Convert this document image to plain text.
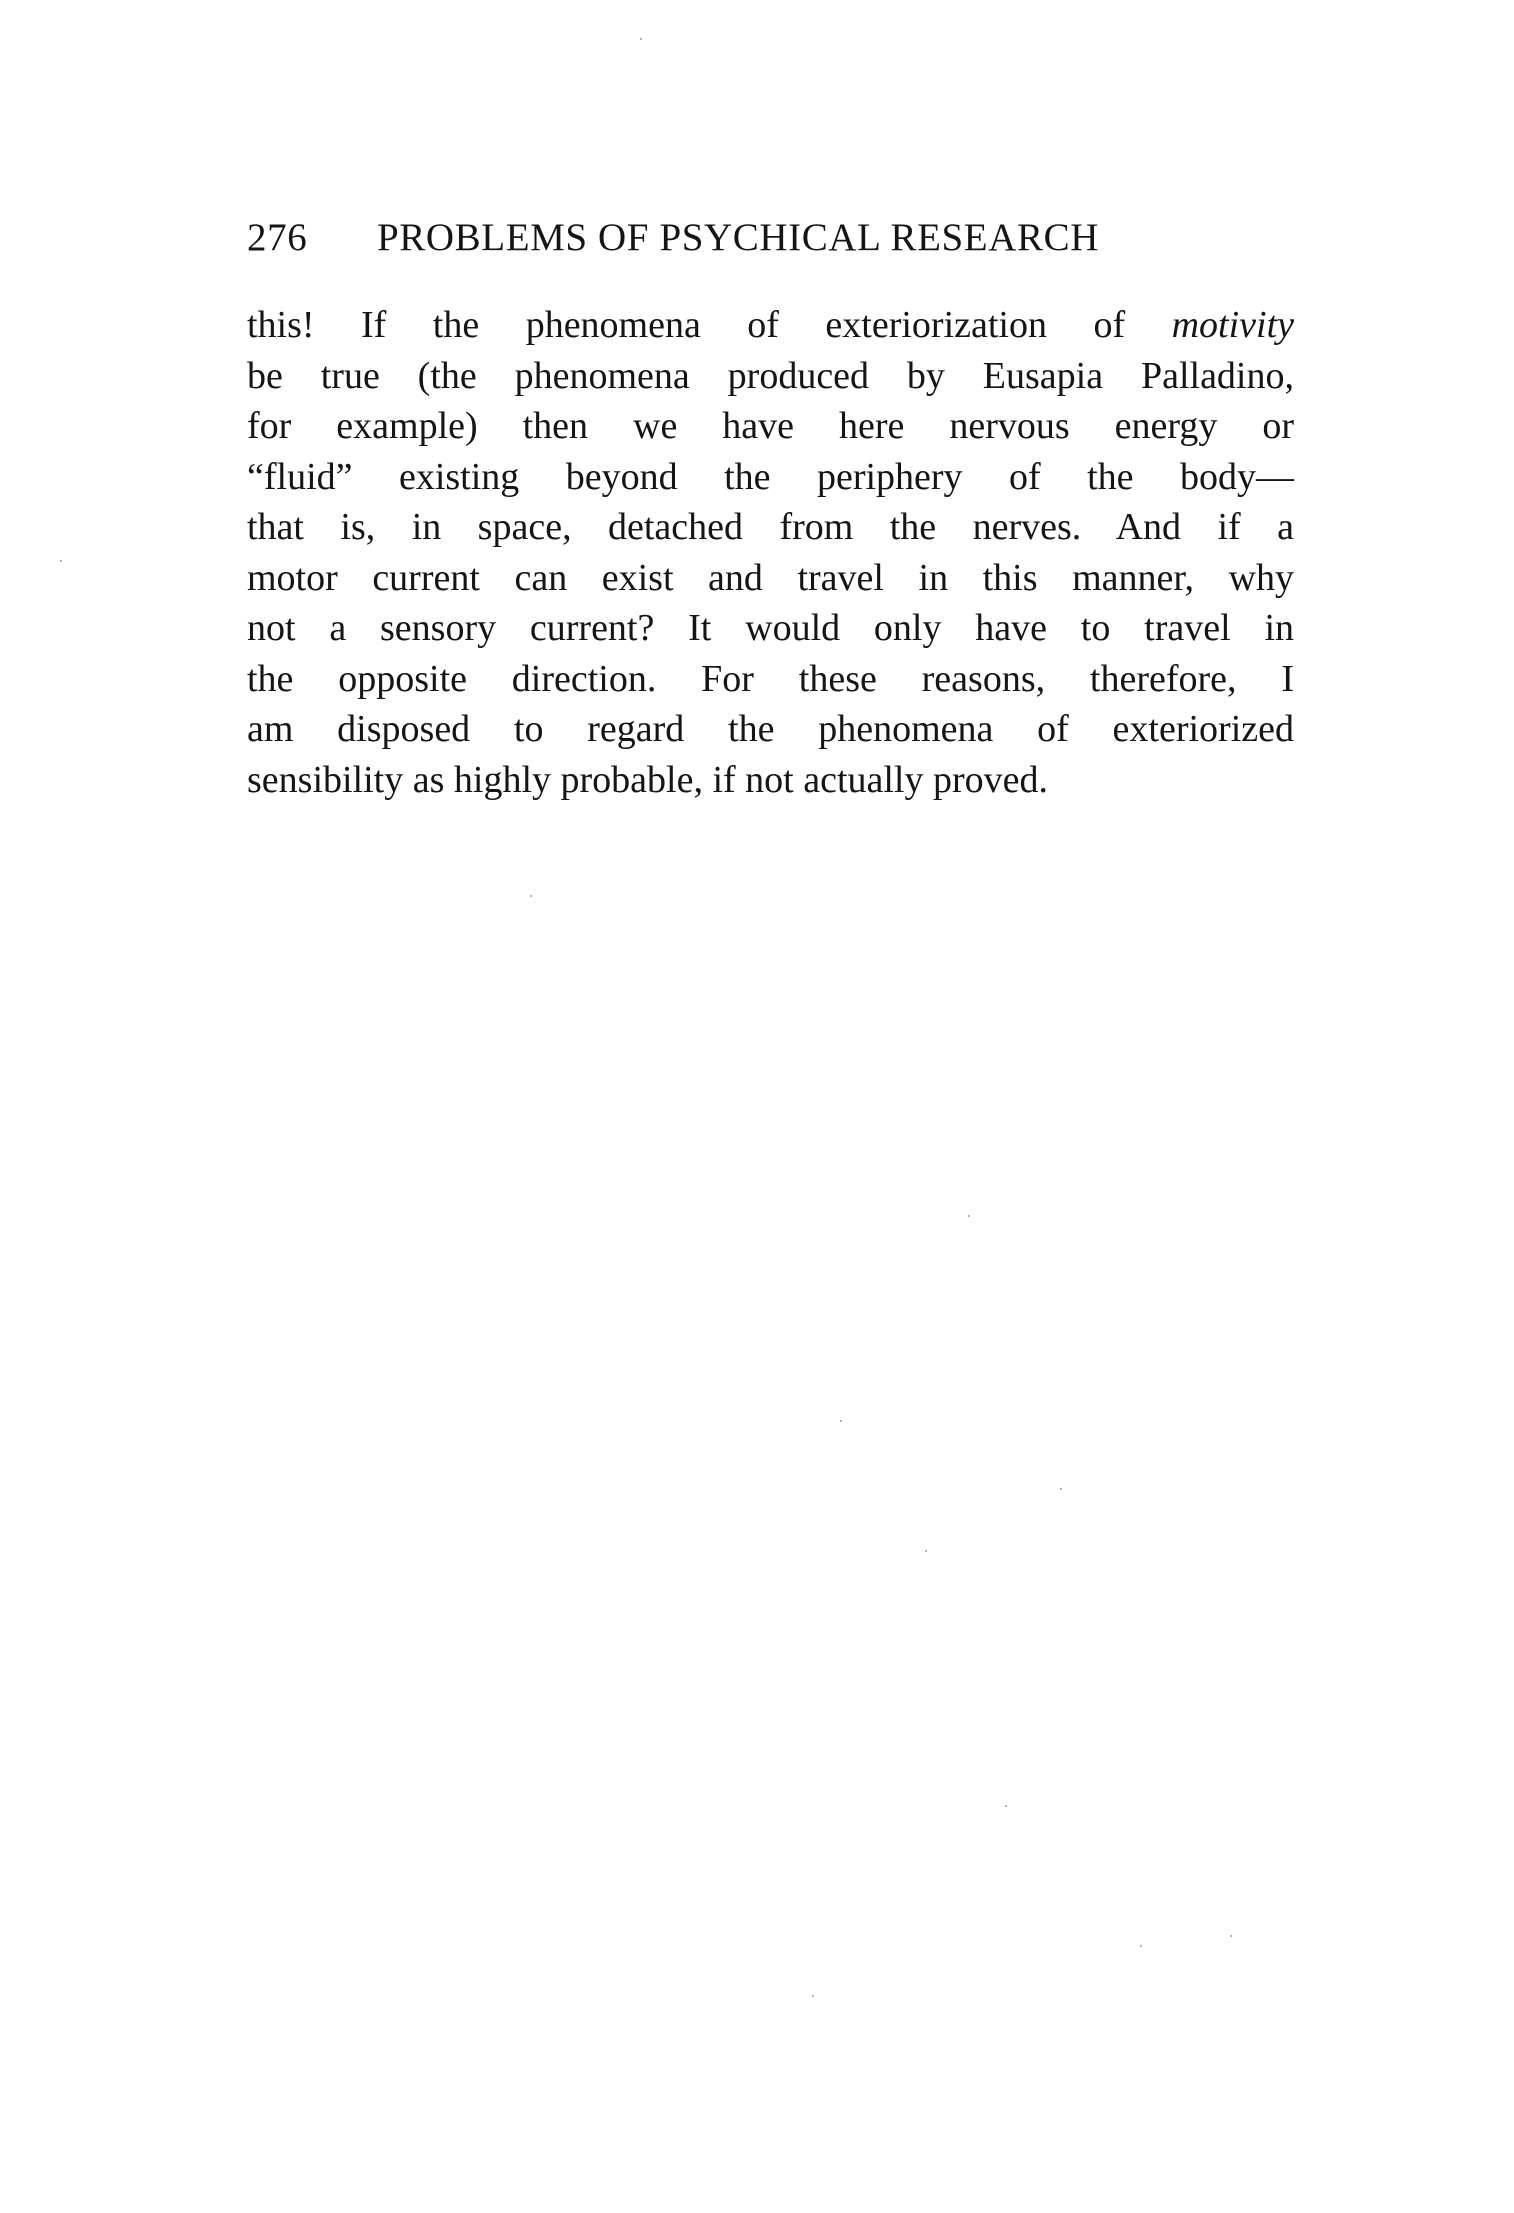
276 PROBLEMS OF PSYCHICAL RESEARCH
this! If the phenomena of exteriorization of motivity
be true (the phenomena produced by Eusapia Palladino,
for example) then we have here nervous energy or
“fluid” existing beyond the periphery of the body—
that is, in space, detached from the nerves. And if a
motor current can exist and travel in this manner, why
not a sensory current? It would only have to travel in
the opposite direction. For these reasons, therefore, I
am disposed to regard the phenomena of exteriorized
sensibility as highly probable, if not actually proved.
